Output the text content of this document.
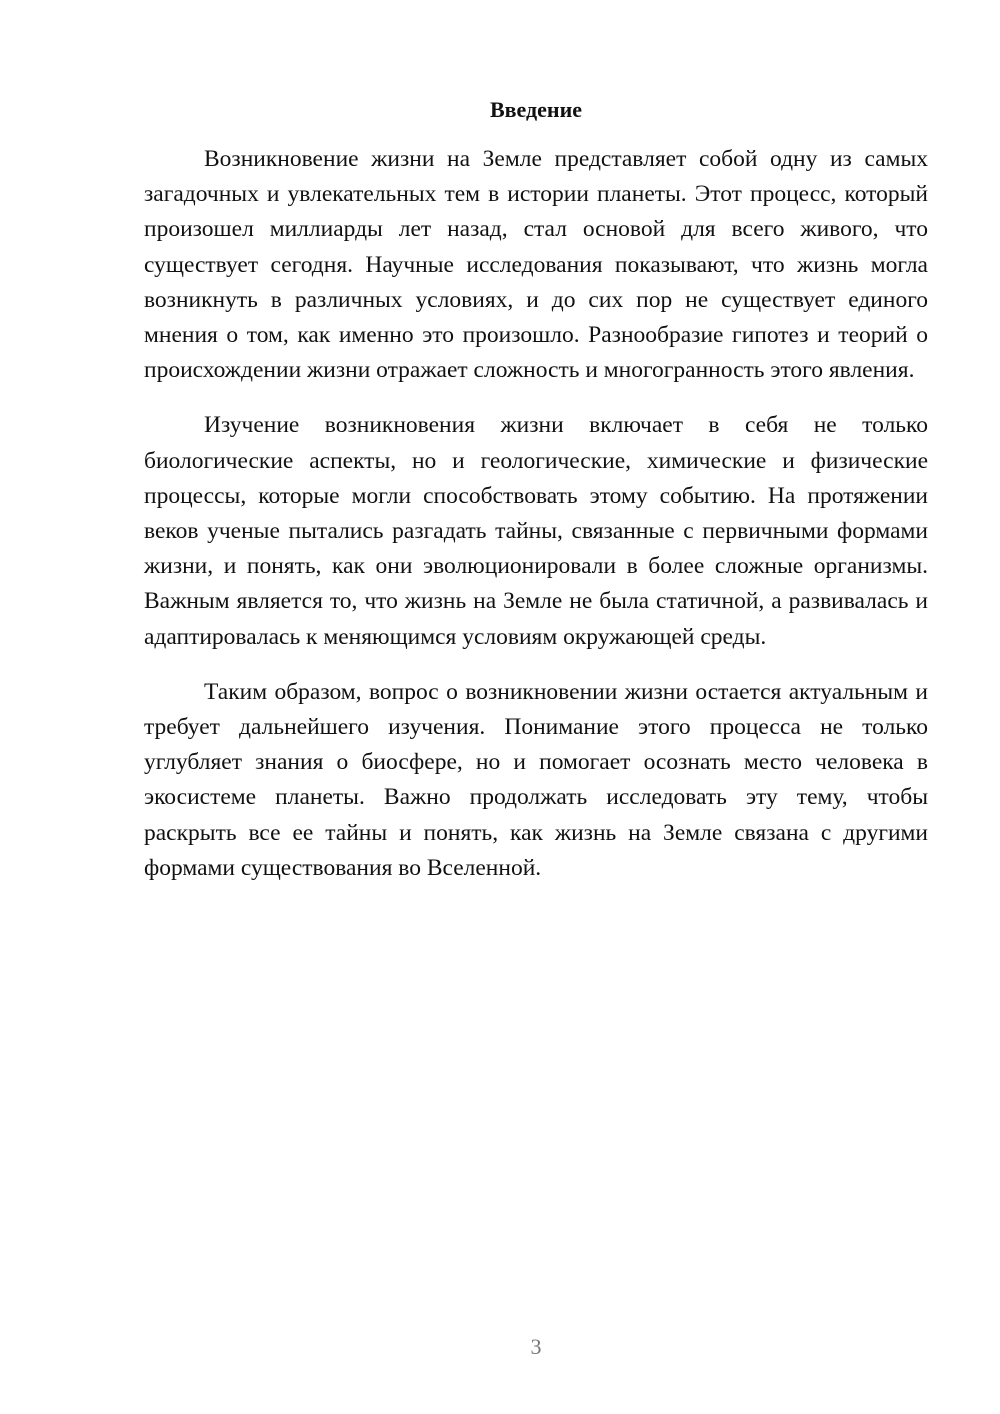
Введение

Возникновение жизни на Земле представляет собой одну из самых загадочных и увлекательных тем в истории планеты. Этот процесс, который произошел миллиарды лет назад, стал основой для всего живого, что существует сегодня. Научные исследования показывают, что жизнь могла возникнуть в различных условиях, и до сих пор не существует единого мнения о том, как именно это произошло. Разнообразие гипотез и теорий о происхождении жизни отражает сложность и многогранность этого явления.

Изучение возникновения жизни включает в себя не только биологические аспекты, но и геологические, химические и физические процессы, которые могли способствовать этому событию. На протяжении веков ученые пытались разгадать тайны, связанные с первичными формами жизни, и понять, как они эволюционировали в более сложные организмы. Важным является то, что жизнь на Земле не была статичной, а развивалась и адаптировалась к меняющимся условиям окружающей среды.

Таким образом, вопрос о возникновении жизни остается актуальным и требует дальнейшего изучения. Понимание этого процесса не только углубляет знания о биосфере, но и помогает осознать место человека в экосистеме планеты. Важно продолжать исследовать эту тему, чтобы раскрыть все ее тайны и понять, как жизнь на Земле связана с другими формами существования во Вселенной.

3
